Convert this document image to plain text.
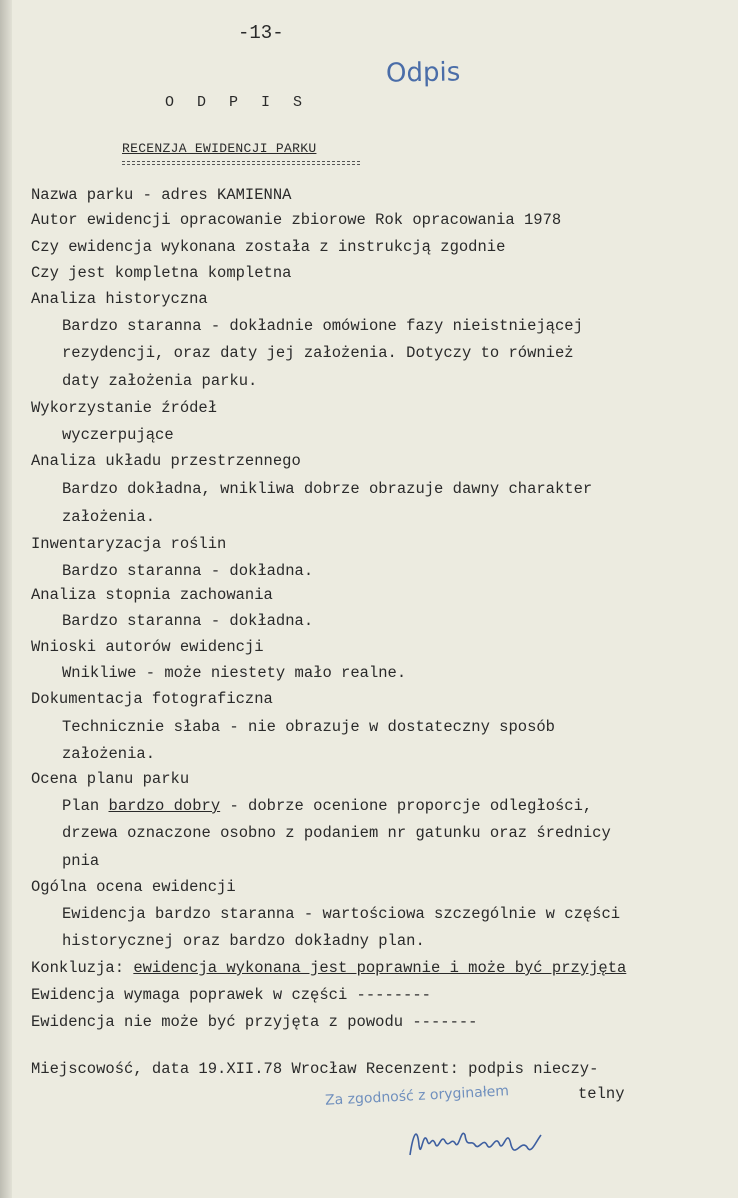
-13-
Odpis
O D P I S
RECENZJA EWIDENCJI PARKU
Nazwa parku - adres KAMIENNA
Autor ewidencji opracowanie zbiorowe Rok opracowania 1978
Czy ewidencja wykonana została z instrukcją zgodnie
Czy jest kompletna kompletna
Analiza historyczna
Bardzo staranna - dokładnie omówione fazy nieistniejącej
rezydencji, oraz daty jej założenia. Dotyczy to również
daty założenia parku.
Wykorzystanie źródeł
wyczerpujące
Analiza układu przestrzennego
Bardzo dokładna, wnikliwa dobrze obrazuje dawny charakter
założenia.
Inwentaryzacja roślin
Bardzo staranna - dokładna.
Analiza stopnia zachowania
Bardzo staranna - dokładna.
Wnioski autorów ewidencji
Wnikliwe - może niestety mało realne.
Dokumentacja fotograficzna
Technicznie słaba - nie obrazuje w dostateczny sposób
założenia.
Ocena planu parku
Plan bardzo dobry - dobrze ocenione proporcje odległości,
drzewa oznaczone osobno z podaniem nr gatunku oraz średnicy
pnia
Ogólna ocena ewidencji
Ewidencja bardzo staranna - wartościowa szczególnie w części
historycznej oraz bardzo dokładny plan.
Konkluzja: ewidencja wykonana jest poprawnie i może być przyjęta
Ewidencja wymaga poprawek w części --------
Ewidencja nie może być przyjęta z powodu -------
Miejscowość, data 19.XII.78 Wrocław Recenzent: podpis nieczy-
telny
Za zgodność z oryginałem
